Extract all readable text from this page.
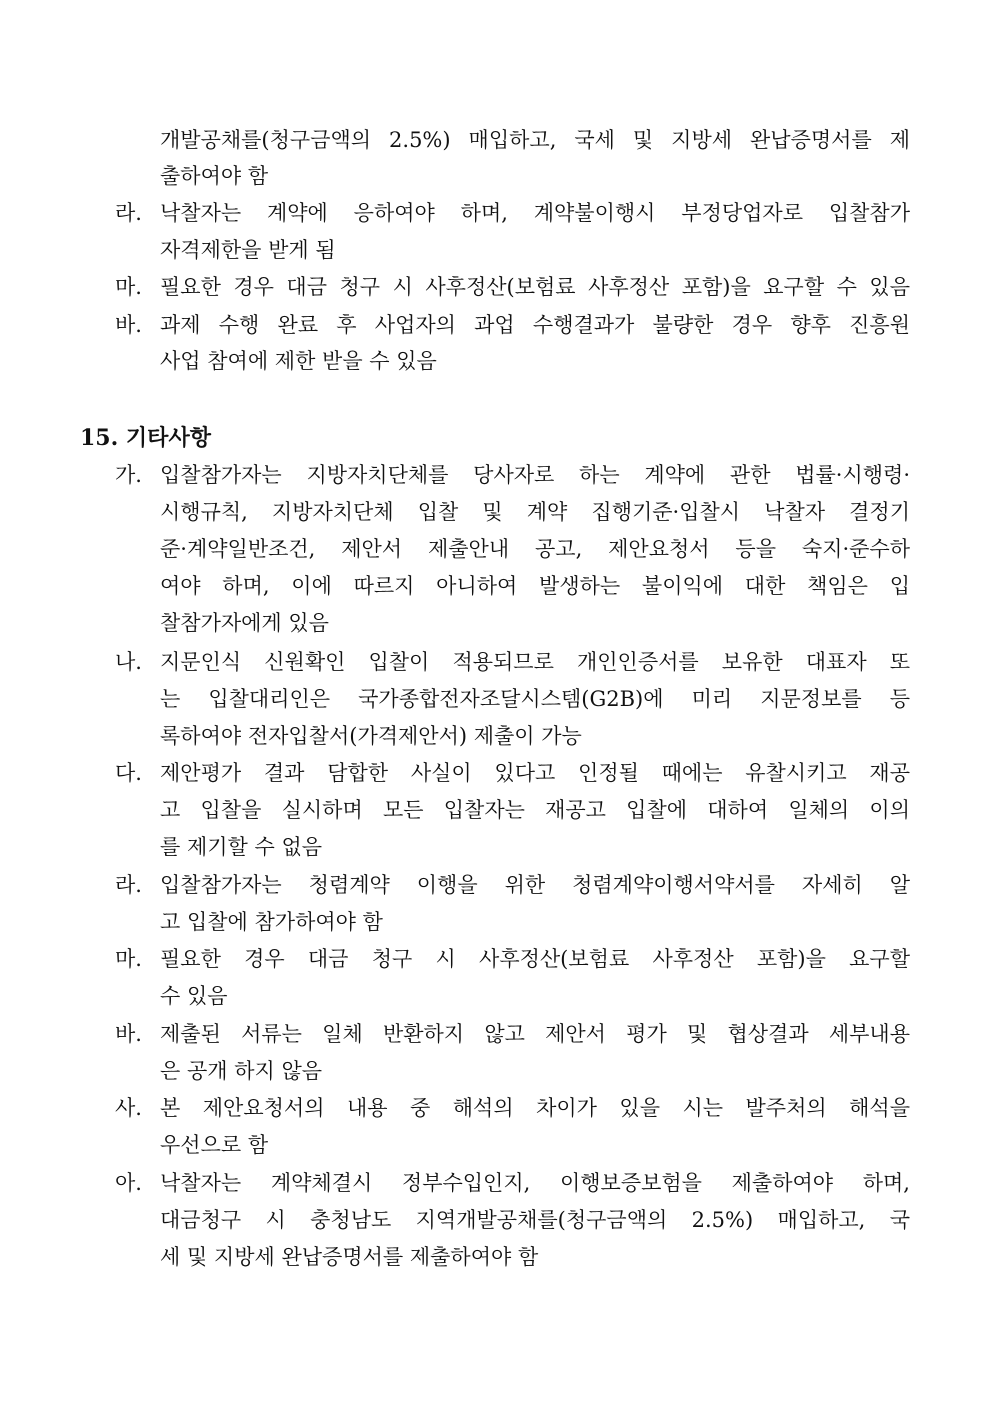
개발공채를(청구금액의 2.5%) 매입하고, 국세 및 지방세 완납증명서를 제
출하여야 함
라. 낙찰자는 계약에 응하여야 하며, 계약불이행시 부정당업자로 입찰참가
자격제한을 받게 됨
마. 필요한 경우 대금 청구 시 사후정산(보험료 사후정산 포함)을 요구할 수 있음
바. 과제 수행 완료 후 사업자의 과업 수행결과가 불량한 경우 향후 진흥원
사업 참여에 제한 받을 수 있음
15. 기타사항
가. 입찰참가자는 지방자치단체를 당사자로 하는 계약에 관한 법률·시행령·
시행규칙, 지방자치단체 입찰 및 계약 집행기준·입찰시 낙찰자 결정기
준·계약일반조건, 제안서 제출안내 공고, 제안요청서 등을 숙지·준수하
여야 하며, 이에 따르지 아니하여 발생하는 불이익에 대한 책임은 입
찰참가자에게 있음
나. 지문인식 신원확인 입찰이 적용되므로 개인인증서를 보유한 대표자 또
는 입찰대리인은 국가종합전자조달시스템(G2B)에 미리 지문정보를 등
록하여야 전자입찰서(가격제안서) 제출이 가능
다. 제안평가 결과 담합한 사실이 있다고 인정될 때에는 유찰시키고 재공
고 입찰을 실시하며 모든 입찰자는 재공고 입찰에 대하여 일체의 이의
를 제기할 수 없음
라. 입찰참가자는 청렴계약 이행을 위한 청렴계약이행서약서를 자세히 알
고 입찰에 참가하여야 함
마. 필요한 경우 대금 청구 시 사후정산(보험료 사후정산 포함)을 요구할
수 있음
바. 제출된 서류는 일체 반환하지 않고 제안서 평가 및 협상결과 세부내용
은 공개 하지 않음
사. 본 제안요청서의 내용 중 해석의 차이가 있을 시는 발주처의 해석을
우선으로 함
아. 낙찰자는 계약체결시 정부수입인지, 이행보증보험을 제출하여야 하며,
대금청구 시 충청남도 지역개발공채를(청구금액의 2.5%) 매입하고, 국
세 및 지방세 완납증명서를 제출하여야 함
